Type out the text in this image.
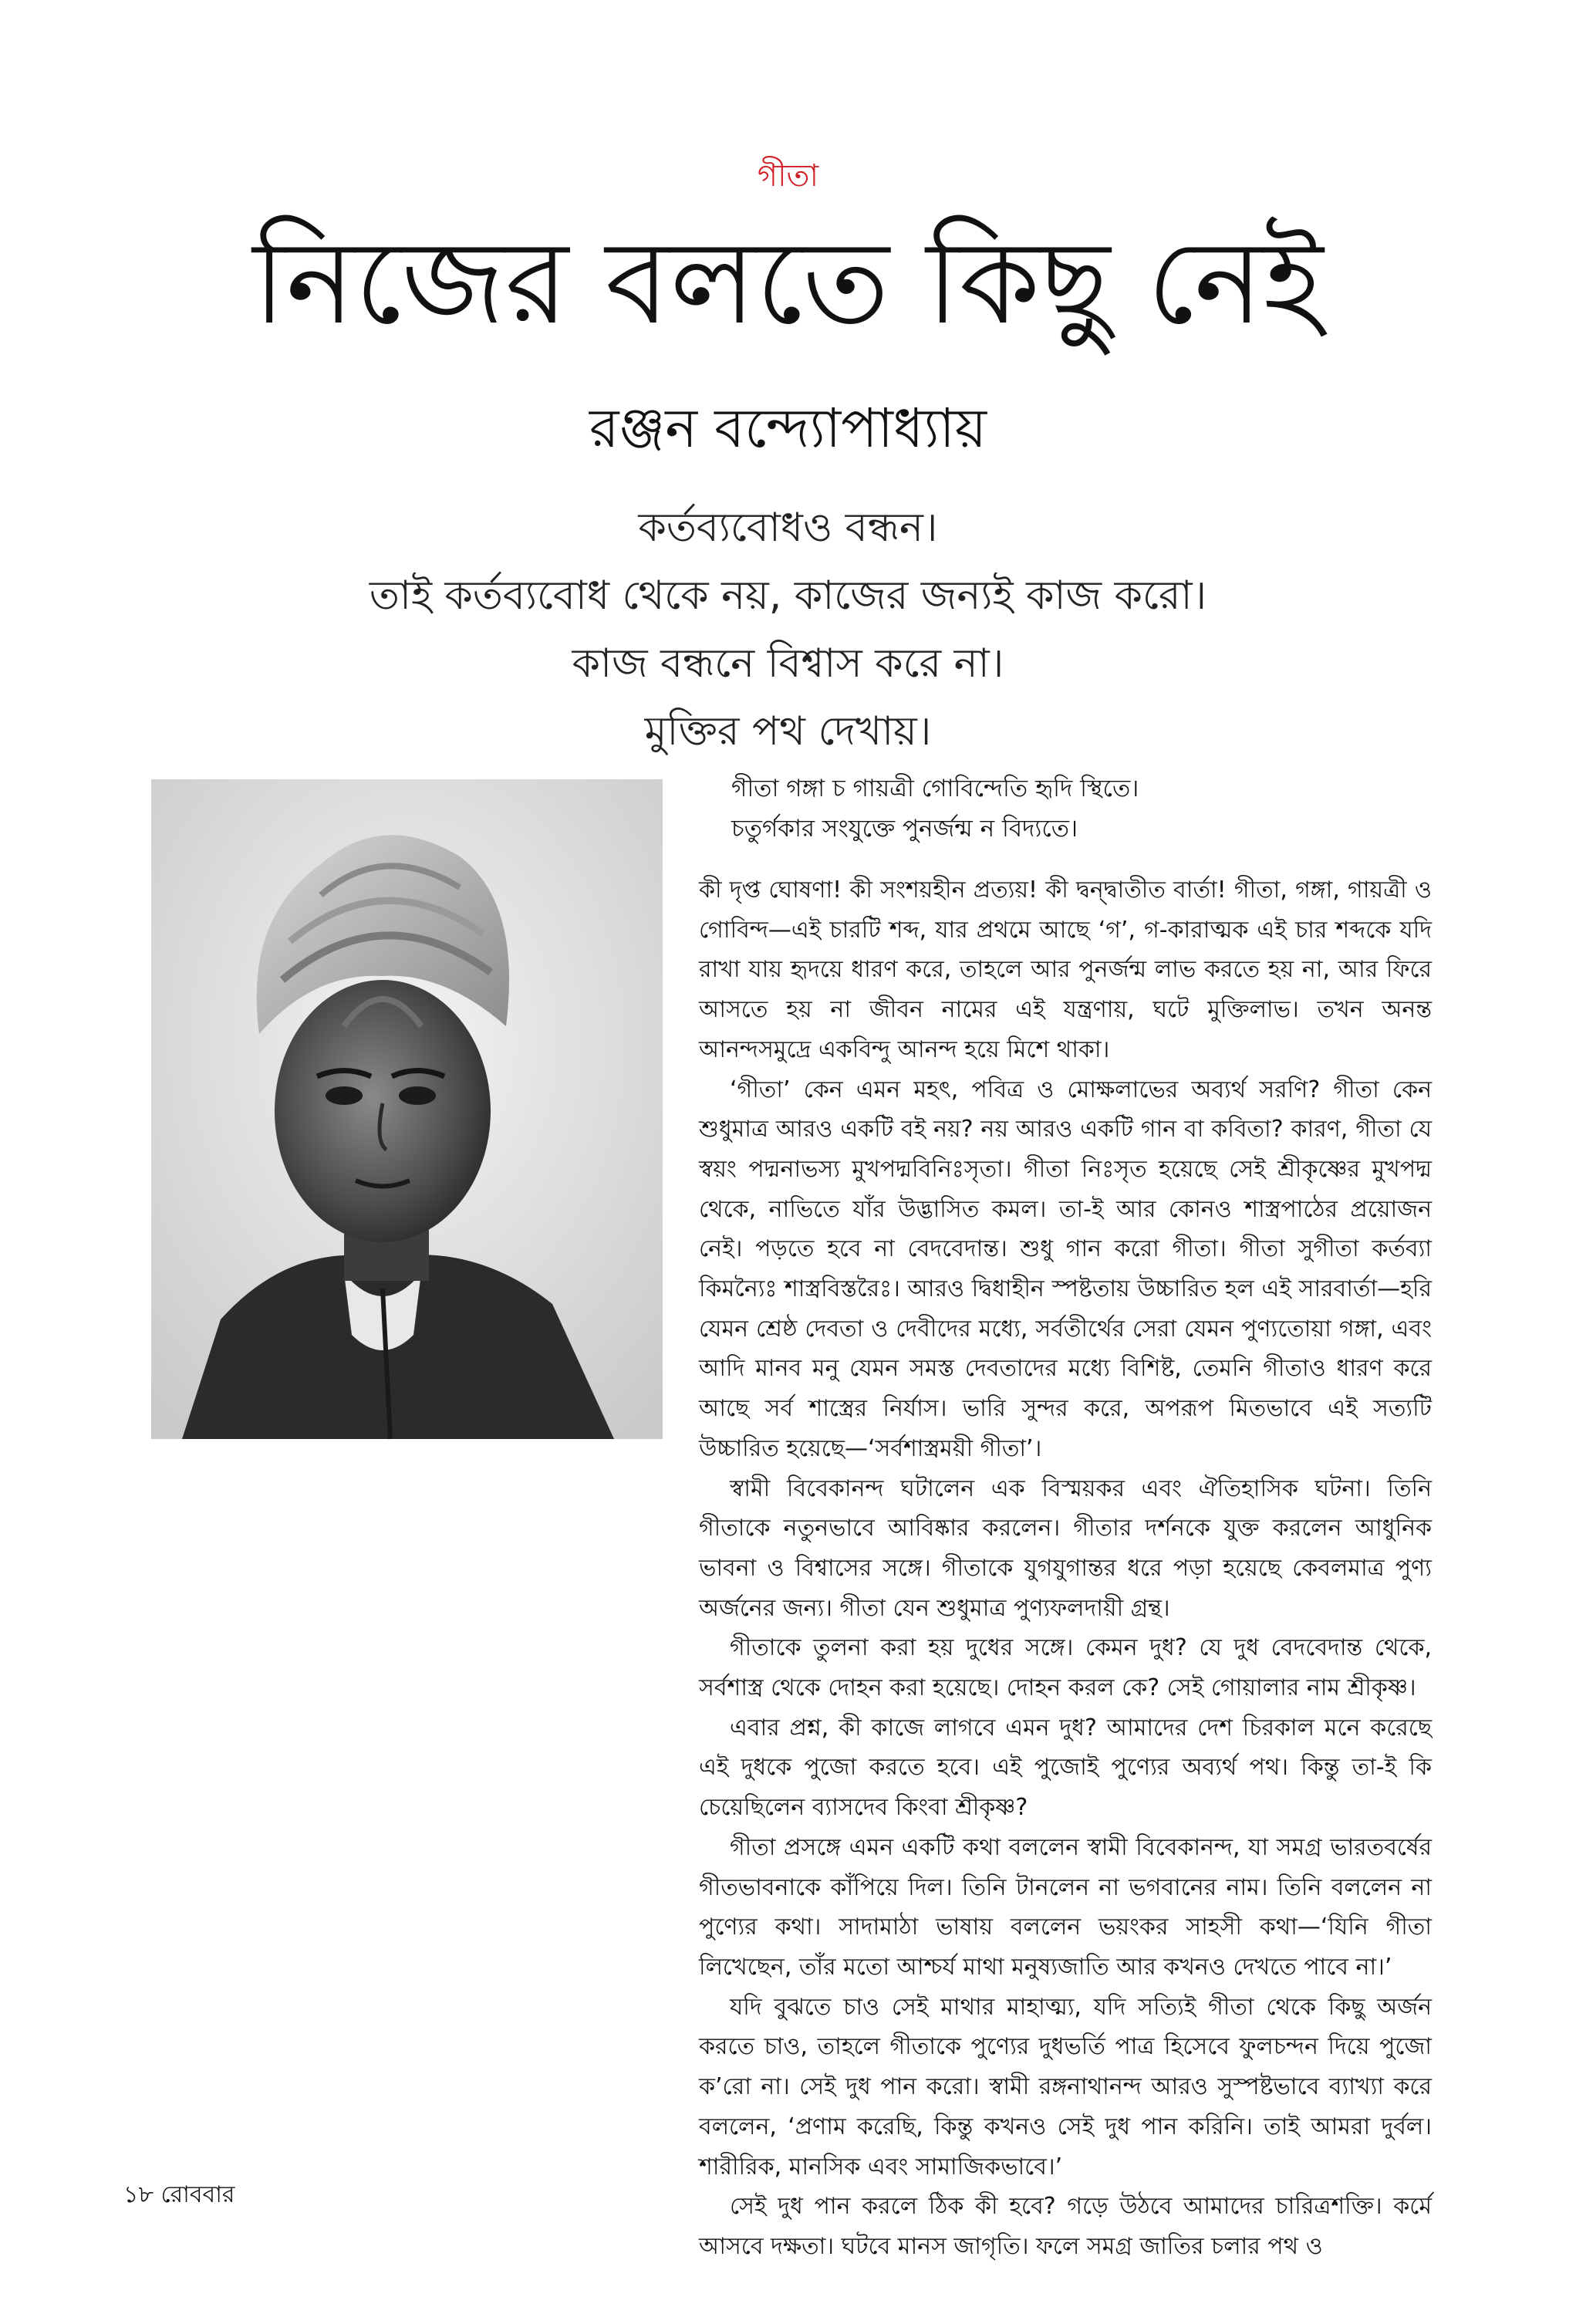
গীতা
নিজের বলতে কিছু নেই
রঞ্জন বন্দ্যোপাধ্যায়
কর্তব্যবোধও বন্ধন।
তাই কর্তব্যবোধ থেকে নয়, কাজের জন্যই কাজ করো।
কাজ বন্ধনে বিশ্বাস করে না।
মুক্তির পথ দেখায়।
গীতা গঙ্গা চ গায়ত্রী গোবিন্দেতি হৃদি স্থিতে।
চতুর্গকার সংযুক্তে পুনর্জন্ম ন বিদ্যতে।

কী দৃপ্ত ঘোষণা! কী সংশয়হীন প্রত্যয়! কী দ্বন্দ্বাতীত বার্তা! গীতা, গঙ্গা, গায়ত্রী ও গোবিন্দ—এই চারটি শব্দ, যার প্রথমে আছে ‘গ’, গ-কারাত্মক এই চার শব্দকে যদি রাখা যায় হৃদয়ে ধারণ করে, তাহলে আর পুনর্জন্ম লাভ করতে হয় না, আর ফিরে আসতে হয় না জীবন নামের এই যন্ত্রণায়, ঘটে মুক্তিলাভ। তখন অনন্ত আনন্দসমুদ্রে একবিন্দু আনন্দ হয়ে মিশে থাকা।

‘গীতা’ কেন এমন মহৎ, পবিত্র ও মোক্ষলাভের অব্যর্থ সরণি? গীতা কেন শুধুমাত্র আরও একটি বই নয়? নয় আরও একটি গান বা কবিতা? কারণ, গীতা যে স্বয়ং পদ্মনাভস্য মুখপদ্মবিনিঃসৃতা। গীতা নিঃসৃত হয়েছে সেই শ্রীকৃষ্ণের মুখপদ্ম থেকে, নাভিতে যাঁর উদ্ভাসিত কমল। তা-ই আর কোনও শাস্ত্রপাঠের প্রয়োজন নেই। পড়তে হবে না বেদবেদান্ত। শুধু গান করো গীতা। গীতা সুগীতা কর্তব্যা কিমন্যৈঃ শাস্ত্রবিস্তরৈঃ। আরও দ্বিধাহীন স্পষ্টতায় উচ্চারিত হল এই সারবার্তা—হরি যেমন শ্রেষ্ঠ দেবতা ও দেবীদের মধ্যে, সর্বতীর্থের সেরা যেমন পুণ্যতোয়া গঙ্গা, এবং আদি মানব মনু যেমন সমস্ত দেবতাদের মধ্যে বিশিষ্ট, তেমনি গীতাও ধারণ করে আছে সর্ব শাস্ত্রের নির্যাস। ভারি সুন্দর করে, অপরূপ মিতভাবে এই সত্যটি উচ্চারিত হয়েছে—‘সর্বশাস্ত্রময়ী গীতা’।

স্বামী বিবেকানন্দ ঘটালেন এক বিস্ময়কর এবং ঐতিহাসিক ঘটনা। তিনি গীতাকে নতুনভাবে আবিষ্কার করলেন। গীতার দর্শনকে যুক্ত করলেন আধুনিক ভাবনা ও বিশ্বাসের সঙ্গে। গীতাকে যুগযুগান্তর ধরে পড়া হয়েছে কেবলমাত্র পুণ্য অর্জনের জন্য। গীতা যেন শুধুমাত্র পুণ্যফলদায়ী গ্রন্থ।

গীতাকে তুলনা করা হয় দুধের সঙ্গে। কেমন দুধ? যে দুধ বেদবেদান্ত থেকে, সর্বশাস্ত্র থেকে দোহন করা হয়েছে। দোহন করল কে? সেই গোয়ালার নাম শ্রীকৃষ্ণ।

এবার প্রশ্ন, কী কাজে লাগবে এমন দুধ? আমাদের দেশ চিরকাল মনে করেছে এই দুধকে পুজো করতে হবে। এই পুজোই পুণ্যের অব্যর্থ পথ। কিন্তু তা-ই কি চেয়েছিলেন ব্যাসদেব কিংবা শ্রীকৃষ্ণ?

গীতা প্রসঙ্গে এমন একটি কথা বললেন স্বামী বিবেকানন্দ, যা সমগ্র ভারতবর্ষের গীতভাবনাকে কাঁপিয়ে দিল। তিনি টানলেন না ভগবানের নাম। তিনি বললেন না পুণ্যের কথা। সাদামাঠা ভাষায় বললেন ভয়ংকর সাহসী কথা—‘যিনি গীতা লিখেছেন, তাঁর মতো আশ্চর্য মাথা মনুষ্যজাতি আর কখনও দেখতে পাবে না।’

যদি বুঝতে চাও সেই মাথার মাহাত্ম্য, যদি সত্যিই গীতা থেকে কিছু অর্জন করতে চাও, তাহলে গীতাকে পুণ্যের দুধভর্তি পাত্র হিসেবে ফুলচন্দন দিয়ে পুজো ক’রো না। সেই দুধ পান করো। স্বামী রঙ্গনাথানন্দ আরও সুস্পষ্টভাবে ব্যাখ্যা করে বললেন, ‘প্রণাম করেছি, কিন্তু কখনও সেই দুধ পান করিনি। তাই আমরা দুর্বল। শারীরিক, মানসিক এবং সামাজিকভাবে।’

সেই দুধ পান করলে ঠিক কী হবে? গড়ে উঠবে আমাদের চারিত্রশক্তি। কর্মে আসবে দক্ষতা। ঘটবে মানস জাগৃতি। ফলে সমগ্র জাতির চলার পথ ও

১৮ রোববার
